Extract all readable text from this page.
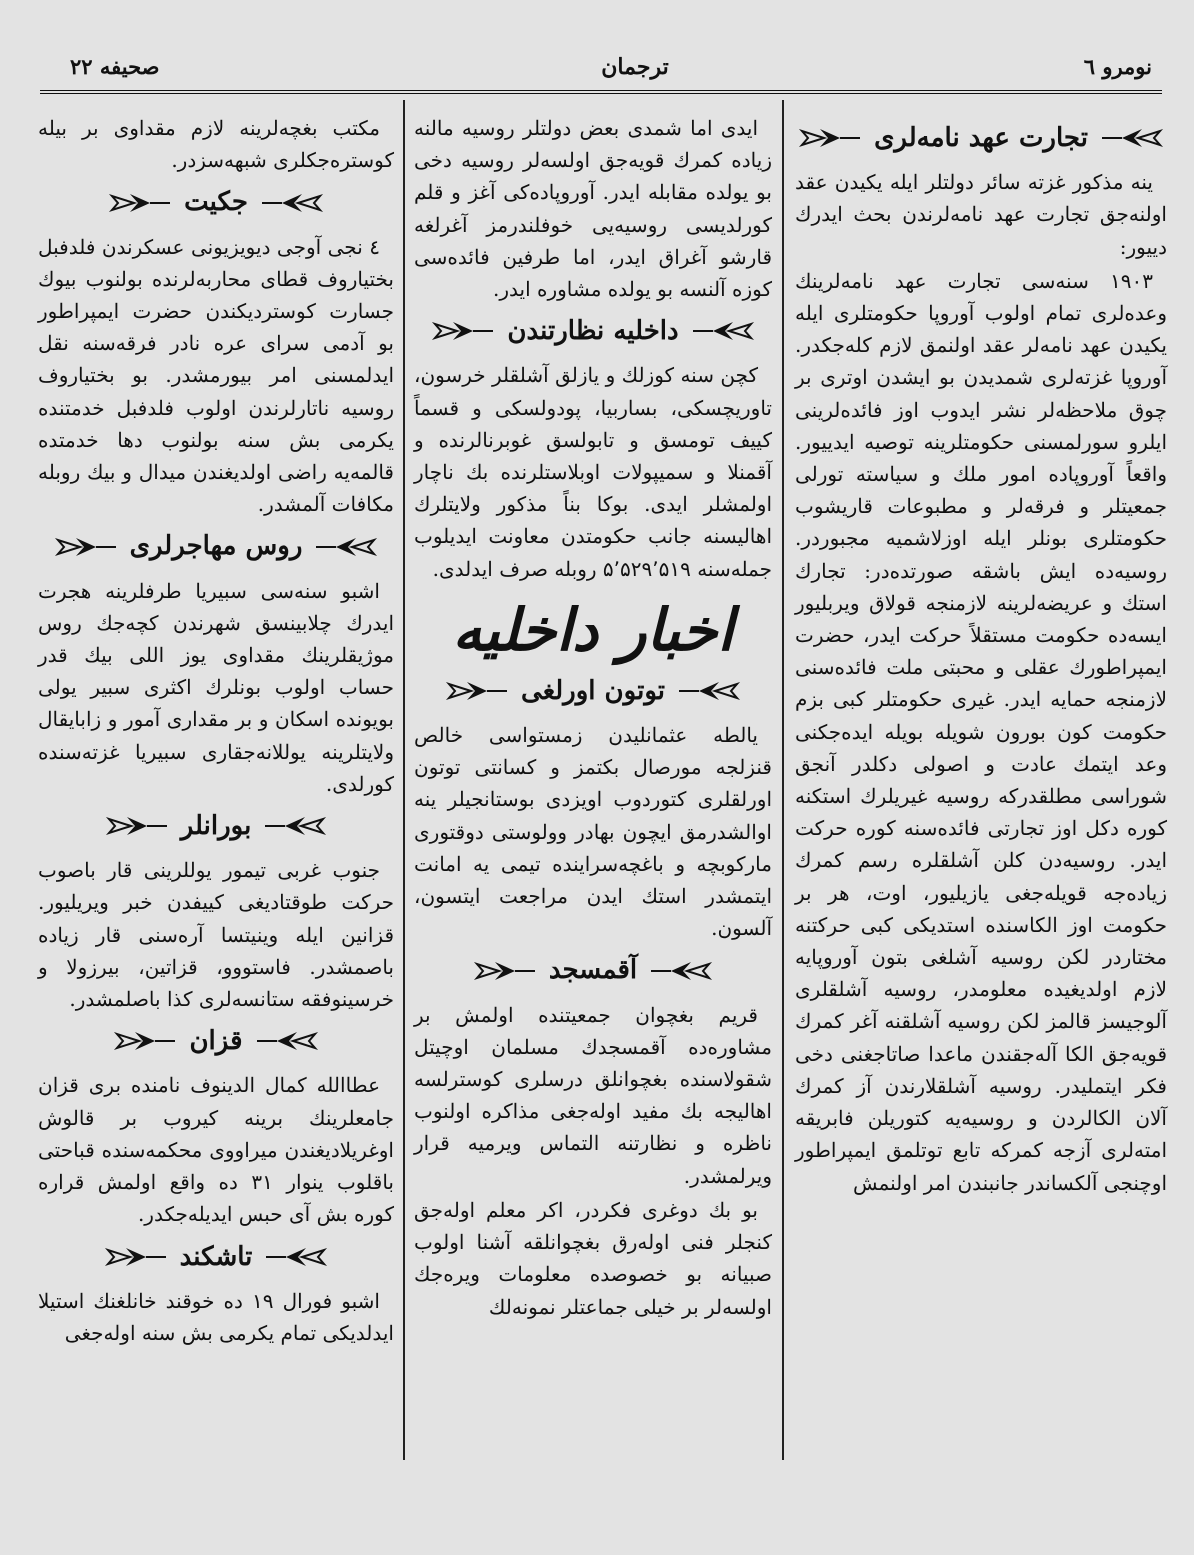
صحیفه ۲۲	ترجمان	نومرو ٦
تجارت عهد نامه‌لری

ینه مذکور غزته سائر دولتلر ایله یکیدن عقد اولنه‌جق تجارت عهد نامه‌لرندن بحث ایدرك دییور:

۱۹۰۳ سنه‌سی تجارت عهد نامه‌لرینك وعده‌لری تمام اولوب آوروپا حکومتلری ایله یکیدن عهد نامه‌لر عقد اولنمق لازم کله‌جکدر. آوروپا غزته‌لری شمدیدن بو ایشدن اوتری بر چوق ملاحظه‌لر نشر ایدوب اوز فائده‌لرینی ایلرو سورلمسنی حکومتلرینه توصیه ایدییور. واقعاً آوروپاده امور ملك و سیاسته تورلی جمعیتلر و فرقه‌لر و مطبوعات قاریشوب حکومتلری بونلر ایله اوزلاشمیه مجبوردر. روسیه‌ده ایش باشقه صورتده‌در: تجارك استك و عریضه‌لرینه لازمنجه قولاق ویربلیور ایسه‌ده حکومت مستقلاً حرکت ایدر، حضرت ایمپراطورك عقلی و محبتی ملت فائده‌سنی لازمنجه حمایه ایدر. غیری حکومتلر کبی بزم حکومت کون بورون شویله بویله ایده‌جکنی وعد ایتمك عادت و اصولی دکلدر آنجق شوراسی مطلقدرکه روسیه غیریلرك استکنه کوره دکل اوز تجارتی فائده‌سنه کوره حرکت ایدر. روسیه‌دن کلن آشلقلره رسم کمرك زیاده‌جه قویله‌جغی یازیلیور، اوت، هر بر حکومت اوز الکاسنده استدیکی کبی حرکتنه مختاردر لکن روسیه آشلغی بتون آوروپایه لازم اولدیغیده معلومدر، روسیه آشلقلری آلوجیسز قالمز لکن روسیه آشلقنه آغر کمرك قویه‌جق الکا آله‌جقندن ماعدا صاتاجغنی دخی فکر ایتملیدر. روسیه آشلقلارندن آز کمرك آلان الکالردن و روسیه‌یه کتوریلن فابریقه امته‌لری آزجه کمرکه تابع توتلمق ایمپراطور اوچنجی آلکساندر جانبندن امر اولنمش

ایدی اما شمدی بعض دولتلر روسیه مالنه زیاده کمرك قویه‌جق اولسه‌لر روسیه دخی بو یولده مقابله ایدر. آوروپاده‌کی آغز و قلم کورلدیسی روسیه‌یی خوفلندرمز آغرلغه قارشو آغراق ایدر، اما طرفین فائده‌سی کوزه آلنسه بو یولده مشاوره ایدر.

داخلیه نظارتندن

کچن سنه کوزلك و یازلق آشلقلر خرسون، تاوریچسکی، بساربیا، پودولسکی و قسماً کییف تومسق و تابولسق غوبرنالرنده و آقمنلا و سمیپولات اوبلاستلرنده بك ناچار اولمشلر ایدی. بوکا بناً مذکور ولایتلرك اهالیسنه جانب حکومتدن معاونت ایدیلوب جمله‌سنه ۵٬۵۲۹٬۵۱۹ روبله صرف ایدلدی.

اخبار داخلیه
توتون اورلغی

یالطه عثمانلیدن زمستواسی خالص قنزلجه مورصال بکتمز و کسانتی توتون اورلقلری کتوردوب اویزدی بوستانجیلر ینه اوالشدرمق ایچون بهادر وولوستی دوقتوری مارکوبچه و باغچه‌سراینده تیمی یه امانت ایتمشدر استك ایدن مراجعت ایتسون، آلسون.

آقمسجد

قریم بغچوان جمعیتنده اولمش بر مشاوره‌ده آقمسجدك مسلمان اوچیتل شقولاسنده بغچوانلق درسلری کوسترلسه اهالیجه بك مفید اوله‌جغی مذاکره اولنوب ناظره و نظارتنه التماس ویرمیه قرار ویرلمشدر.

بو بك دوغری فکردر، اکر معلم اوله‌جق کنجلر فنی اوله‌رق بغچوانلقه آشنا اولوب صبیانه بو خصوصده معلومات ویره‌جك اولسه‌لر بر خیلی جماعتلر نمونه‌لك

مکتب بغچه‌لرینه لازم مقداوی بر بیله کوستره‌جکلری شبهه‌سزدر.

جکیت

٤ نجی آوجی دیویزیونی عسکرندن فلدفبل بختیاروف قطای محاربه‌لرنده بولنوب بیوك جسارت کوستردیکندن حضرت ایمپراطور بو آدمی سرای عره نادر فرقه‌سنه نقل ایدلمسنی امر بیورمشدر. بو بختیاروف روسیه ناتارلرندن اولوب فلدفبل خدمتنده یکرمی بش سنه بولنوب دها خدمتده قالمه‌یه راضی اولدیغندن میدال و بیك روبله مکافات آلمشدر.

روس مهاجرلری

اشبو سنه‌سی سبیریا طرفلرینه هجرت ایدرك چلابینسق شهرندن کچه‌جك روس موژیقلرینك مقداوی یوز اللی بیك قدر حساب اولوب بونلرك اکثری سبیر یولی بویونده اسکان و بر مقداری آمور و زابایقال ولایتلرینه یوللانه‌جقاری سبیریا غزته‌سنده کورلدی.

بورانلر

جنوب غربی تیمور یوللرینی قار باصوب حرکت طوقتادیغی کییفدن خبر ویریلیور. قزانین ایله وینیتسا آره‌سنی قار زیاده باصمشدر. فاستووو، قزاتین، بیرزولا و خرسینوفقه ستانسه‌لری کذا باصلمشدر.

قزان

عطاالله کمال الدینوف نامنده بری قزان جامعلرینك برینه کیروب بر قالوش اوغریلادیغندن میراووی محکمه‌سنده قباحتی باقلوب ینوار ۳۱ ده واقع اولمش قراره کوره بش آی حبس ایدیله‌جکدر.

تاشکند

اشبو فورال ۱۹ ده خوقند خانلغنك استیلا ایدلدیکی تمام یکرمی بش سنه اوله‌جغی
